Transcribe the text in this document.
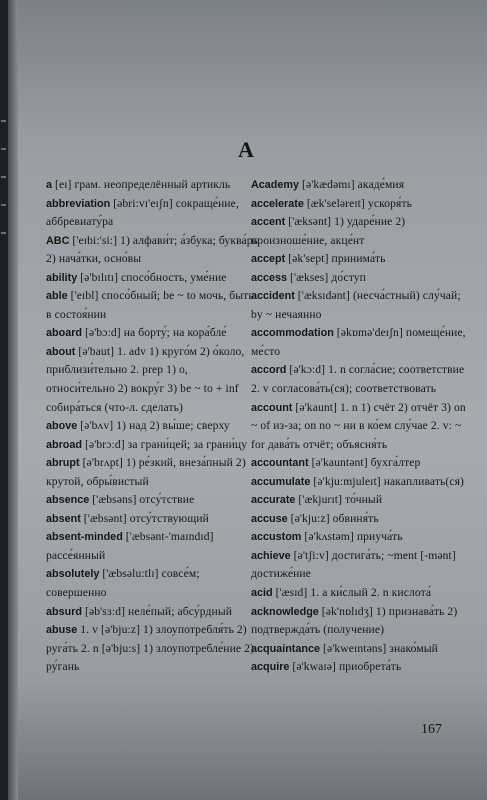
A

a [eɪ] грам. неопределённый артикль

abbreviation [əbri:vɪ'eɪʃn] сокраще́ние, аббревиату́ра

ABC ['eɪbi:'si:] 1) алфави́т; а́збука; буква́рь 2) нача́тки, осно́вы

ability [ə'bɪlɪtɪ] спосо́бность, уме́ние

able ['eɪbl] спосо́бный; be ~ to мочь, быть в состоя́нии

aboard [ə'bɔ:d] на борту́; на кора́бле́

about [ə'baut] 1. adv 1) круго́м 2) о́коло, приблизи́тельно 2. prep 1) о, относи́тельно 2) вокру́г 3) be ~ to + inf собира́ться (что-л. сделать)

above [ə'bʌv] 1) над 2) вы́ше; сверху

abroad [ə'brɔ:d] за грани́цей; за грани́цу

abrupt [ə'brʌpt] 1) ре́зкий, внеза́пный 2) крутой, обры́вистый

absence ['æbsəns] отсу́тствие

absent ['æbsənt] отсу́тствующий

absent-minded ['æbsənt-'maɪndɪd] рассе́янный

absolutely ['æbsəlu:tlɪ] совсе́м; совершенно

absurd [əb'sɜ:d] неле́пый; абсу́рдный

abuse 1. v [ə'bju:z] 1) злоупотребля́ть 2) руга́ть 2. n [ə'bju:s] 1) злоупотребле́ние 2) ру́гань

Academy [ə'kædəmɪ] акаде́мия

accelerate [æk'seləreɪt] ускоря́ть

accent ['æksənt] 1) ударе́ние 2) произноше́ние, акце́нт

accept [ək'sept] принима́ть

access ['ækses] до́ступ

accident ['æksɪdənt] (несча́стный) слу́чай; by ~ нечаянно

accommodation [əkɒmə'deɪʃn] помеще́ние, ме́сто

accord [ə'kɔ:d] 1. n согла́сие; соответствие 2. v согласова́ть(ся); соответствовать

account [ə'kaunt] 1. n 1) счёт 2) отчёт 3) on ~ of из-за; on no ~ ни в ко́ем слу́чае 2. v: ~ for дава́ть отчёт; объясня́ть

accountant [ə'kauntənt] бухга́лтер

accumulate [ə'kju:mjuleɪt] накапливать(ся)

accurate ['ækjurɪt] то́чный

accuse [ə'kju:z] обвиня́ть

accustom [ə'kʌstəm] приуча́ть

achieve [ə'tʃi:v] достига́ть; ~ment [-mənt] достиже́ние

acid ['æsɪd] 1. a ки́слый 2. n кислота́

acknowledge [ək'nɒlɪdʒ] 1) признава́ть 2) подтвержда́ть (получение)

acquaintance [ə'kweɪntəns] знако́мый

acquire [ə'kwaɪə] приобрета́ть

167
